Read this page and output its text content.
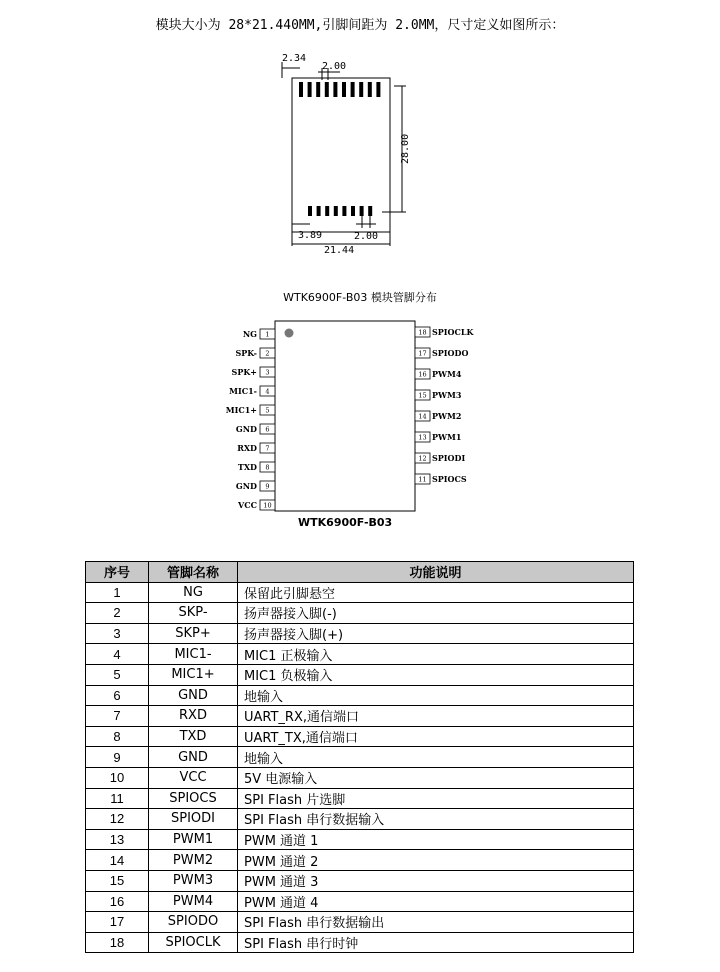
模块大小为 28*21.440MM,引脚间距为 2.0MM，尺寸定义如图所示：
2.34
2.00
28.00
3.89	2.00
21.44
WTK6900F-B03 模块管脚分布
WTK6900F-B03
1
NG
2
SPK-
3
SPK+
4
MIC1-
5
MIC1+
6
GND
7
RXD
8
TXD
9
GND
10
VCC
18 SPIOCLK
17 SPIODO
16 PWM4
15 PWM3
14 PWM2
13 PWM1
12 SPIODI
11 SPIOCS
序号	管脚名称	功能说明
1	NG	保留此引脚悬空
2	SKP-	扬声器接入脚(-)
3	SKP+	扬声器接入脚(+)
4	MIC1-	MIC1 正极输入
5	MIC1+	MIC1 负极输入
6	GND	地输入
7	RXD	UART_RX,通信端口
8	TXD	UART_TX,通信端口
9	GND	地输入
10	VCC	5V 电源输入
11	SPIOCS	SPI Flash 片选脚
12	SPIODI	SPI Flash 串行数据输入
13	PWM1	PWM 通道 1
14	PWM2	PWM 通道 2
15	PWM3	PWM 通道 3
16	PWM4	PWM 通道 4
17	SPIODO	SPI Flash 串行数据输出
18	SPIOCLK	SPI Flash 串行时钟
